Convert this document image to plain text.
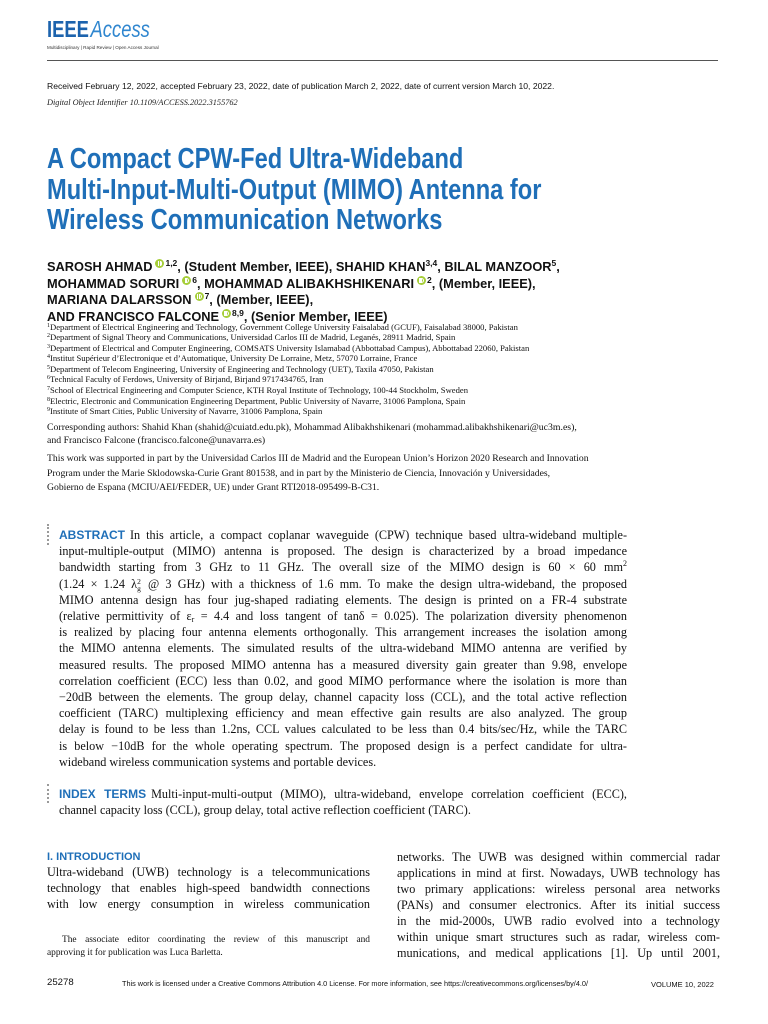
IEEEAccess
Multidisciplinary | Rapid Review | Open Access Journal
Received February 12, 2022, accepted February 23, 2022, date of publication March 2, 2022, date of current version March 10, 2022.
Digital Object Identifier 10.1109/ACCESS.2022.3155762
A Compact CPW-Fed Ultra-Wideband
Multi-Input-Multi-Output (MIMO) Antenna for
Wireless Communication Networks
SAROSH AHMAD $^{1,2}$, (Student Member, IEEE), SHAHID KHAN$^{3,4}$, BILAL MANZOOR$^5$,
MOHAMMAD SORURI $^6$, MOHAMMAD ALIBAKHSHIKENARI $^2$, (Member, IEEE),
MARIANA DALARSSON $^7$, (Member, IEEE),
AND FRANCISCO FALCONE $^{8,9}$, (Senior Member, IEEE)
$^1$Department of Electrical Engineering and Technology, Government College University Faisalabad (GCUF), Faisalabad 38000, Pakistan
$^2$Department of Signal Theory and Communications, Universidad Carlos III de Madrid, Leganés, 28911 Madrid, Spain
$^3$Department of Electrical and Computer Engineering, COMSATS University Islamabad (Abbottabad Campus), Abbottabad 22060, Pakistan
$^4$Institut Supérieur d’Electronique et d’Automatique, University De Lorraine, Metz, 57070 Lorraine, France
$^5$Department of Telecom Engineering, University of Engineering and Technology (UET), Taxila 47050, Pakistan
$^6$Technical Faculty of Ferdows, University of Birjand, Birjand 9717434765, Iran
$^7$School of Electrical Engineering and Computer Science, KTH Royal Institute of Technology, 100-44 Stockholm, Sweden
$^8$Electric, Electronic and Communication Engineering Department, Public University of Navarre, 31006 Pamplona, Spain
$^9$Institute of Smart Cities, Public University of Navarre, 31006 Pamplona, Spain
Corresponding authors: Shahid Khan (shahid@cuiatd.edu.pk), Mohammad Alibakhshikenari (mohammad.alibakhshikenari@uc3m.es),
and Francisco Falcone (francisco.falcone@unavarra.es)
This work was supported in part by the Universidad Carlos III de Madrid and the European Union’s Horizon 2020 Research and Innovation
Program under the Marie Sklodowska-Curie Grant 801538, and in part by the Ministerio de Ciencia, Innovación y Universidades,
Gobierno de Espana (MCIU/AEI/FEDER, UE) under Grant RTI2018-095499-B-C31.
ABSTRACT In this article, a compact coplanar waveguide (CPW) technique based ultra-wideband multiple-
input-multiple-output (MIMO) antenna is proposed. The design is characterized by a broad impedance
bandwidth starting from 3 GHz to 11 GHz. The overall size of the MIMO design is 60 × 60 $mm^2$
(1.24 × 1.24 λ 2
g @ 3 GHz) with a thickness of 1.6 mm. To make the design ultra-wideband, the proposed
MIMO antenna design has four jug-shaped radiating elements. The design is printed on a FR-4 substrate
(relative permittivity of εr = 4.4 and loss tangent of tanδ = 0.025). The polarization diversity phenomenon
is realized by placing four antenna elements orthogonally. This arrangement increases the isolation among
the MIMO antenna elements. The simulated results of the ultra-wideband MIMO antenna are verified by
measured results. The proposed MIMO antenna has a measured diversity gain greater than 9.98, envelope
correlation coefficient (ECC) less than 0.02, and good MIMO performance where the isolation is more than
−20dB between the elements. The group delay, channel capacity loss (CCL), and the total active reflection
coefficient (TARC) multiplexing efficiency and mean effective gain results are also analyzed. The group
delay is found to be less than 1.2ns, CCL values calculated to be less than 0.4 bits/sec/Hz, while the TARC
is below −10dB for the whole operating spectrum. The proposed design is a perfect candidate for ultra-
wideband wireless communication systems and portable devices.
INDEX TERMS Multi-input-multi-output (MIMO), ultra-wideband, envelope correlation coefficient (ECC),
channel capacity loss (CCL), group delay, total active reflection coefficient (TARC).
I. INTRODUCTION
Ultra-wideband (UWB) technology is a telecommunications
technology that enables high-speed bandwidth connections
with low energy consumption in wireless communication
The associate editor coordinating the review of this manuscript and
approving it for publication was Luca Barletta.
networks. The UWB was designed within commercial radar
applications in mind at first. Nowadays, UWB technology has
two primary applications: wireless personal area networks
(PANs) and consumer electronics. After its initial success
in the mid-2000s, UWB radio evolved into a technology
within unique smart structures such as radar, wireless com-
munications, and medical applications [1]. Up until 2001,
25278	This work is licensed under a Creative Commons Attribution 4.0 License. For more information, see https://creativecommons.org/licenses/by/4.0/	VOLUME 10, 2022
